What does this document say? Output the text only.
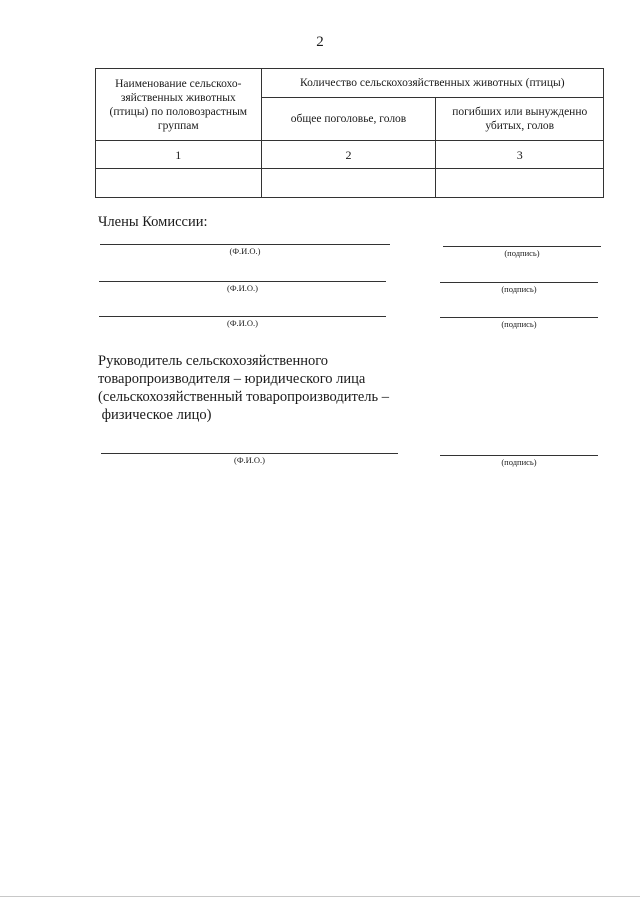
2
Наименование сельскохо-
зяйственных животных
(птицы) по половозрастным
группам	Количество сельскохозяйственных животных (птицы)	
	общее поголовье, голов	погибших или вынужденно
убитых, голов
1	2	3

Члены Комиссии:
(Ф.И.О.)	(подпись)
(Ф.И.О.)	(подпись)
(Ф.И.О.)	(подпись)
Руководитель сельскохозяйственного
товаропроизводителя – юридического лица
(сельскохозяйственный товаропроизводитель –
физическое лицо)
(Ф.И.О.)	(подпись)
